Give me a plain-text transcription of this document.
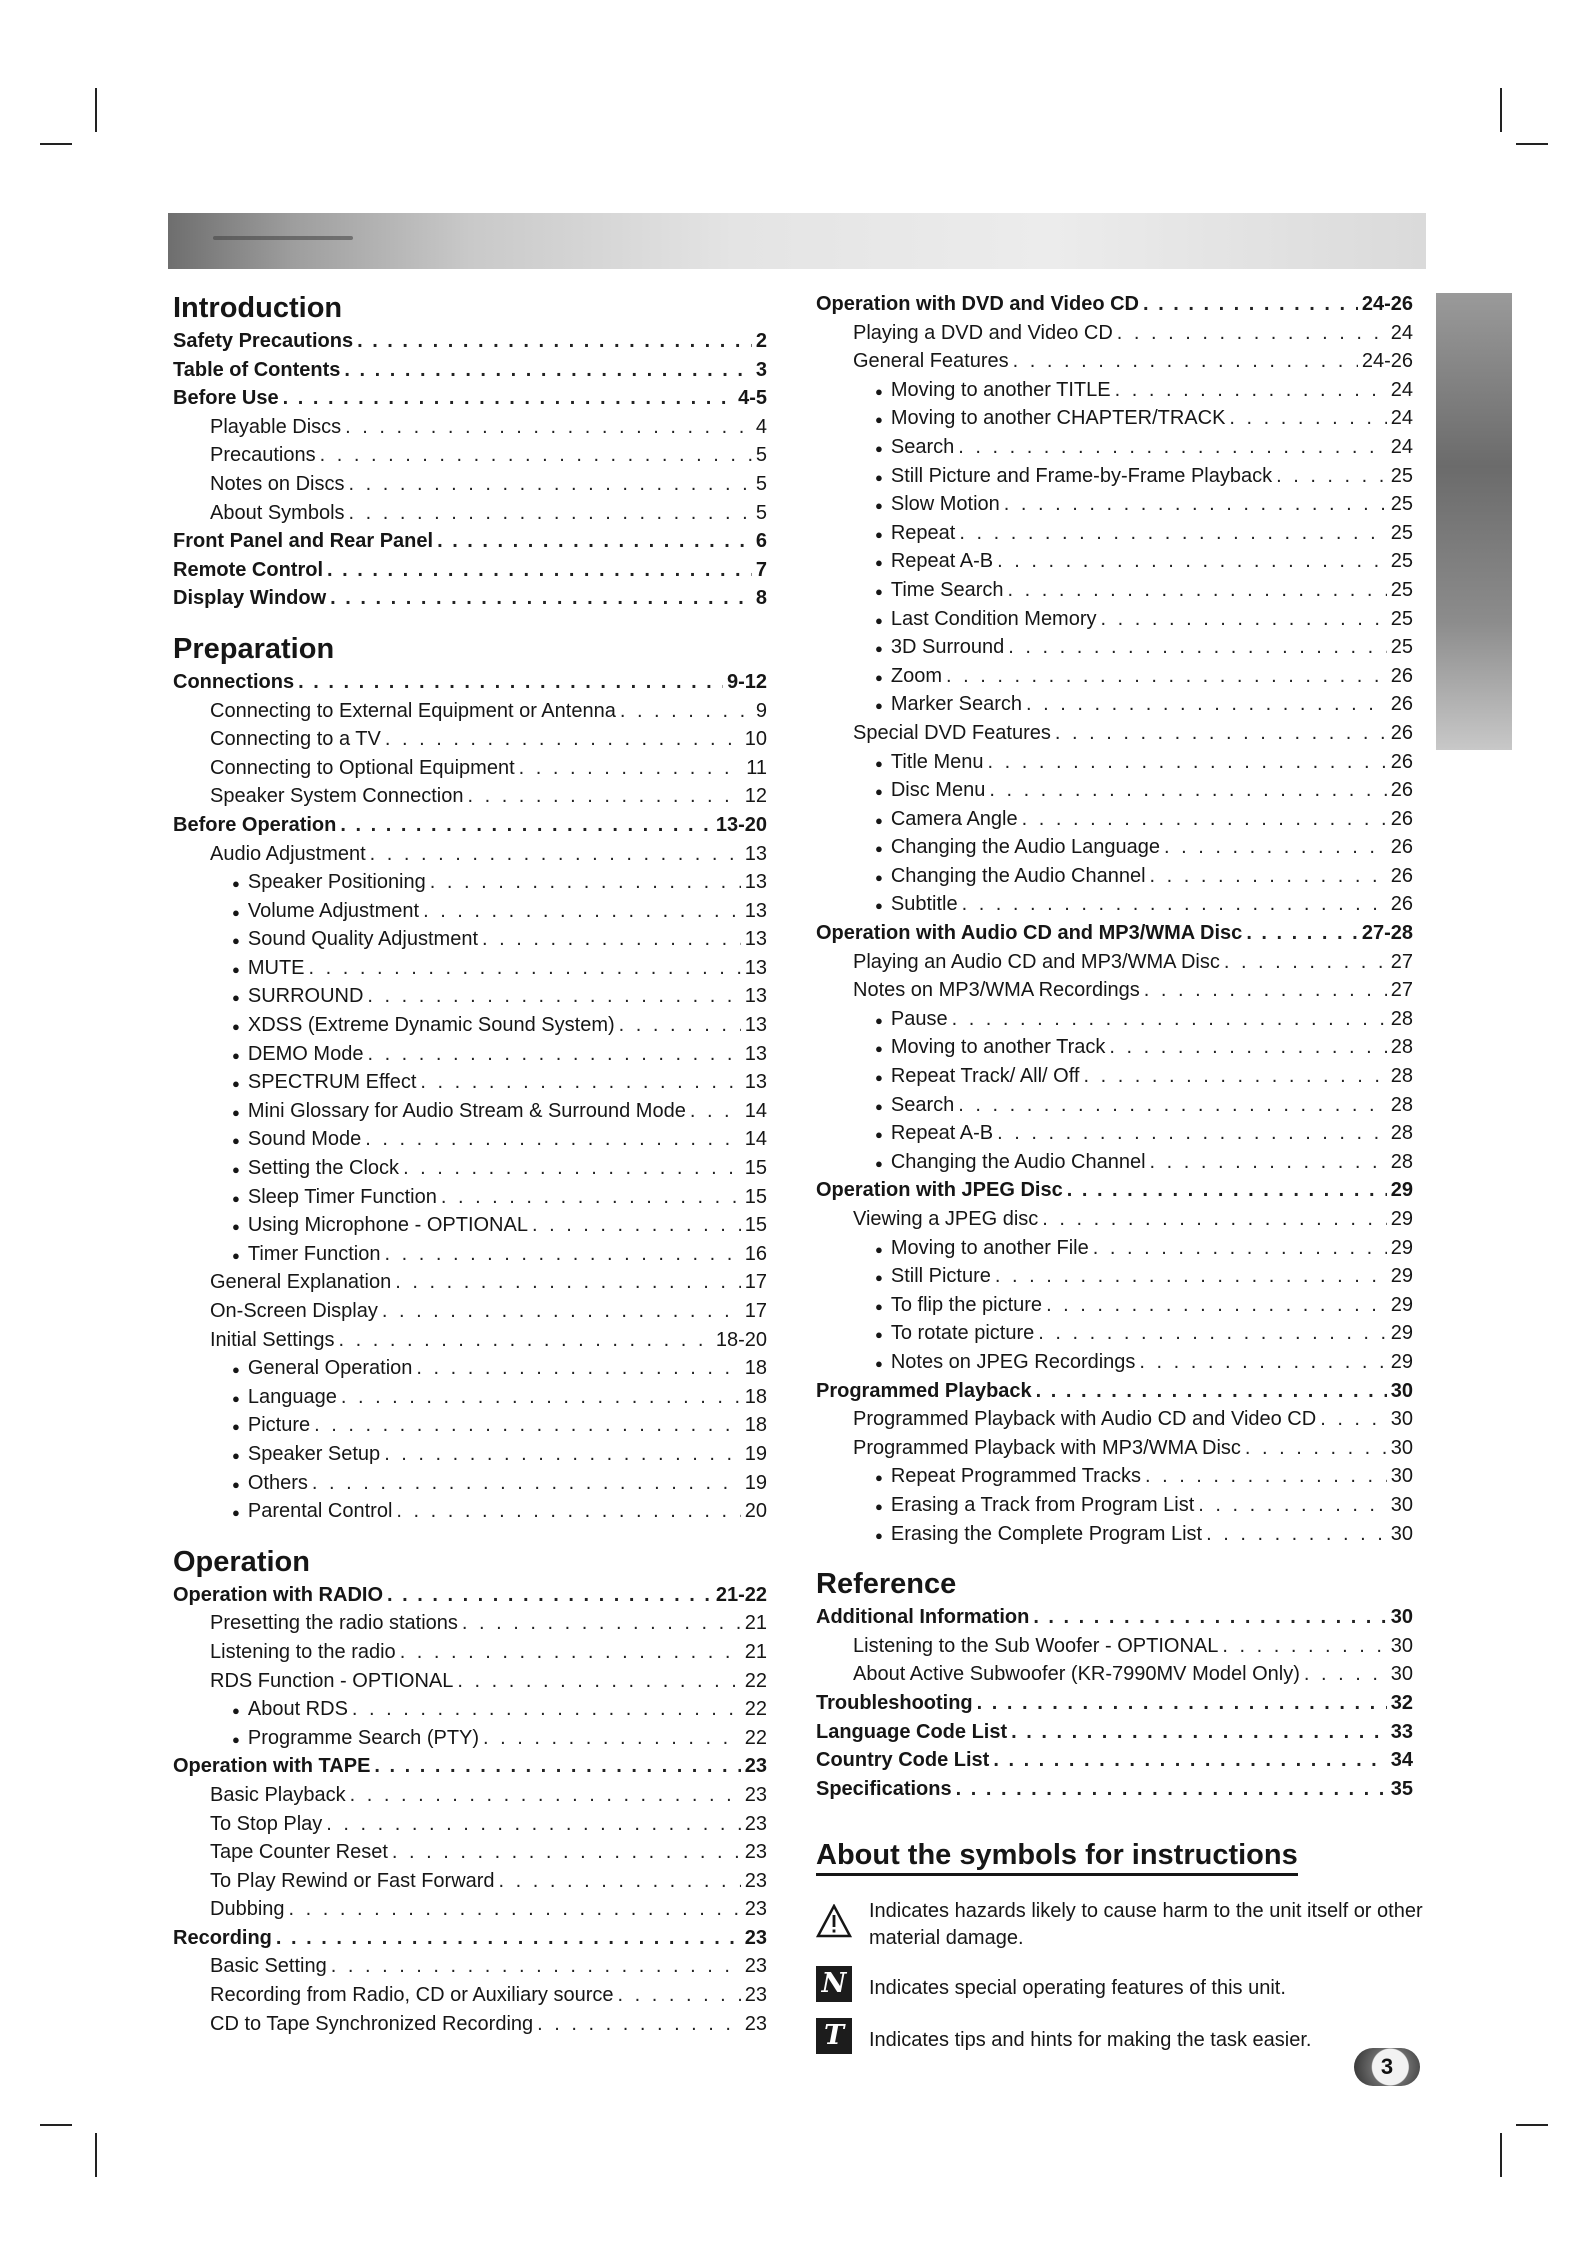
Introduction
Safety Precautions . . .	2
Table of Contents . . .	3
Before Use . . .	4-5
Playable Discs . . .	4
Precautions . . .	5
Notes on Discs . . .	5
About Symbols . . .	5
Front Panel and Rear Panel . . .	6
Remote Control . . .	7
Display Window . . .	8
Preparation
Connections . . .	9-12
Connecting to External Equipment or Antenna . . .	9
Connecting to a TV . . .	10
Connecting to Optional Equipment . . .	11
Speaker System Connection . . .	12
Before Operation . . .	13-20
Audio Adjustment . . .	13
● Speaker Positioning . . .	13
● Volume Adjustment . . .	13
● Sound Quality Adjustment . . .	13
● MUTE . . .	13
● SURROUND . . .	13
● XDSS (Extreme Dynamic Sound System) . . .	13
● DEMO Mode . . .	13
● SPECTRUM Effect . . .	13
● Mini Glossary for Audio Stream & Surround Mode . . .	14
● Sound Mode . . .	14
● Setting the Clock . . .	15
● Sleep Timer Function . . .	15
● Using Microphone - OPTIONAL . . .	15
● Timer Function . . .	16
General Explanation . . .	17
On-Screen Display . . .	17
Initial Settings . . .	18-20
● General Operation . . .	18
● Language . . .	18
● Picture . . .	18
● Speaker Setup . . .	19
● Others . . .	19
● Parental Control . . .	20
Operation
Operation with RADIO . . .	21-22
Presetting the radio stations . . .	21
Listening to the radio . . .	21
RDS Function - OPTIONAL . . .	22
● About RDS . . .	22
● Programme Search (PTY) . . .	22
Operation with TAPE . . .	23
Basic Playback . . .	23
To Stop Play . . .	23
Tape Counter Reset . . .	23
To Play Rewind or Fast Forward . . .	23
Dubbing . . .	23
Recording . . .	23
Basic Setting . . .	23
Recording from Radio, CD or Auxiliary source . . .	23
CD to Tape Synchronized Recording . . .	23
Operation with DVD and Video CD . . .	24-26
Playing a DVD and Video CD . . .	24
General Features . . .	24-26
● Moving to another TITLE . . .	24
● Moving to another CHAPTER/TRACK . . .	24
● Search . . .	24
● Still Picture and Frame-by-Frame Playback . . .	25
● Slow Motion . . .	25
● Repeat . . .	25
● Repeat A-B . . .	25
● Time Search . . .	25
● Last Condition Memory . . .	25
● 3D Surround . . .	25
● Zoom . . .	26
● Marker Search . . .	26
Special DVD Features . . .	26
● Title Menu . . .	26
● Disc Menu . . .	26
● Camera Angle . . .	26
● Changing the Audio Language . . .	26
● Changing the Audio Channel . . .	26
● Subtitle . . .	26
Operation with Audio CD and MP3/WMA Disc . . .	27-28
Playing an Audio CD and MP3/WMA Disc . . .	27
Notes on MP3/WMA Recordings . . .	27
● Pause . . .	28
● Moving to another Track . . .	28
● Repeat Track/ All/ Off . . .	28
● Search . . .	28
● Repeat A-B . . .	28
● Changing the Audio Channel . . .	28
Operation with JPEG Disc . . .	29
Viewing a JPEG disc . . .	29
● Moving to another File . . .	29
● Still Picture . . .	29
● To flip the picture . . .	29
● To rotate picture . . .	29
● Notes on JPEG Recordings . . .	29
Programmed Playback . . .	30
Programmed Playback with Audio CD and Video CD . . .	30
Programmed Playback with MP3/WMA Disc . . .	30
● Repeat Programmed Tracks . . .	30
● Erasing a Track from Program List . . .	30
● Erasing the Complete Program List . . .	30
Reference
Additional Information . . .	30
Listening to the Sub Woofer - OPTIONAL . . .	30
About Active Subwoofer (KR-7990MV Model Only) . . .	30
Troubleshooting . . .	32
Language Code List . . .	33
Country Code List . . .	34
Specifications . . .	35
About the symbols for instructions
Indicates hazards likely to cause harm to the unit itself or other material damage.
N Indicates special operating features of this unit.
T	Indicates tips and hints for making the task easier.
3
